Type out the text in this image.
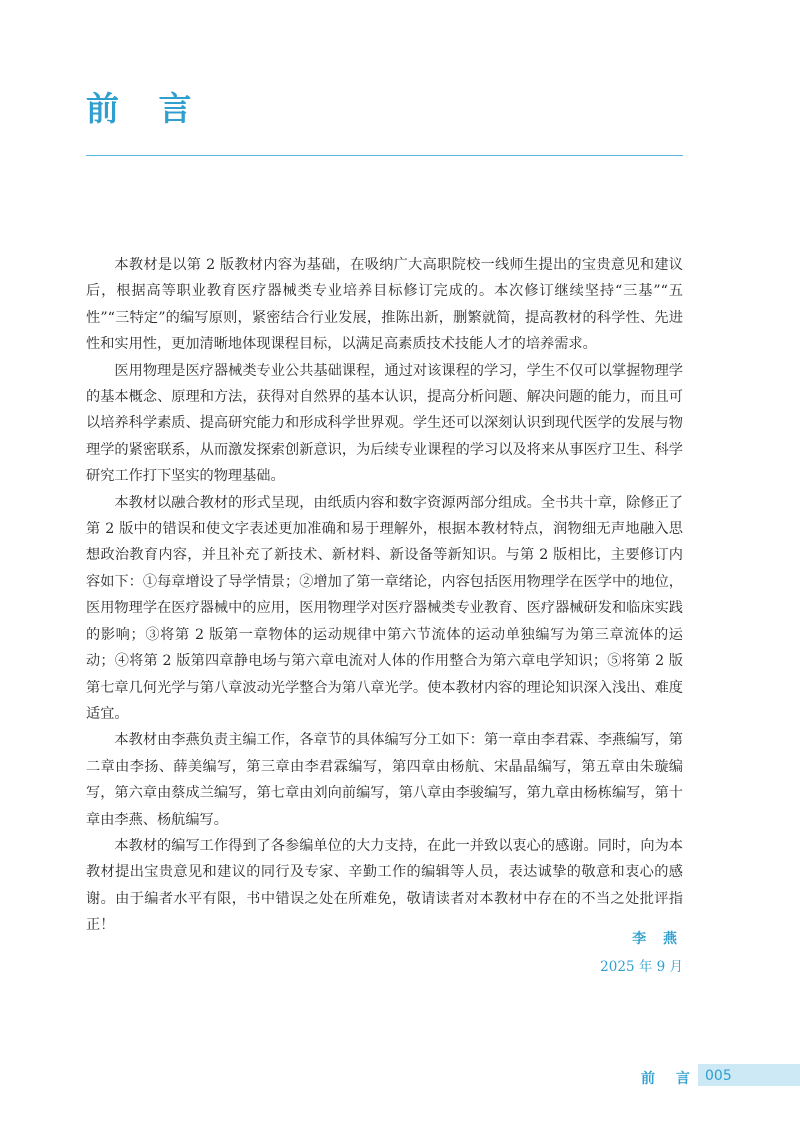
前 言

本教材是以第 2 版教材内容为基础，在吸纳广大高职院校一线师生提出的宝贵意见和建议后，根据高等职业教育医疗器械类专业培养目标修订完成的。本次修订继续坚持“三基”“五性”“三特定”的编写原则，紧密结合行业发展，推陈出新，删繁就简，提高教材的科学性、先进性和实用性，更加清晰地体现课程目标，以满足高素质技术技能人才的培养需求。

医用物理是医疗器械类专业公共基础课程，通过对该课程的学习，学生不仅可以掌握物理学的基本概念、原理和方法，获得对自然界的基本认识，提高分析问题、解决问题的能力，而且可以培养科学素质、提高研究能力和形成科学世界观。学生还可以深刻认识到现代医学的发展与物理学的紧密联系，从而激发探索创新意识，为后续专业课程的学习以及将来从事医疗卫生、科学研究工作打下坚实的物理基础。

本教材以融合教材的形式呈现，由纸质内容和数字资源两部分组成。全书共十章，除修正了第 2 版中的错误和使文字表述更加准确和易于理解外，根据本教材特点，润物细无声地融入思想政治教育内容，并且补充了新技术、新材料、新设备等新知识。与第 2 版相比，主要修订内容如下：①每章增设了导学情景；②增加了第一章绪论，内容包括医用物理学在医学中的地位，医用物理学在医疗器械中的应用，医用物理学对医疗器械类专业教育、医疗器械研发和临床实践的影响；③将第 2 版第一章物体的运动规律中第六节流体的运动单独编写为第三章流体的运动；④将第 2 版第四章静电场与第六章电流对人体的作用整合为第六章电学知识；⑤将第 2 版第七章几何光学与第八章波动光学整合为第八章光学。使本教材内容的理论知识深入浅出、难度适宜。

本教材由李燕负责主编工作，各章节的具体编写分工如下：第一章由李君霖、李燕编写，第二章由李扬、薛美编写，第三章由李君霖编写，第四章由杨航、宋晶晶编写，第五章由朱璇编写，第六章由蔡成兰编写，第七章由刘向前编写，第八章由李骏编写，第九章由杨栋编写，第十章由李燕、杨航编写。

本教材的编写工作得到了各参编单位的大力支持，在此一并致以衷心的感谢。同时，向为本教材提出宝贵意见和建议的同行及专家、辛勤工作的编辑等人员，表达诚挚的敬意和衷心的感谢。由于编者水平有限，书中错误之处在所难免，敬请读者对本教材中存在的不当之处批评指正！

李 燕
2025 年 9 月
前 言 005
